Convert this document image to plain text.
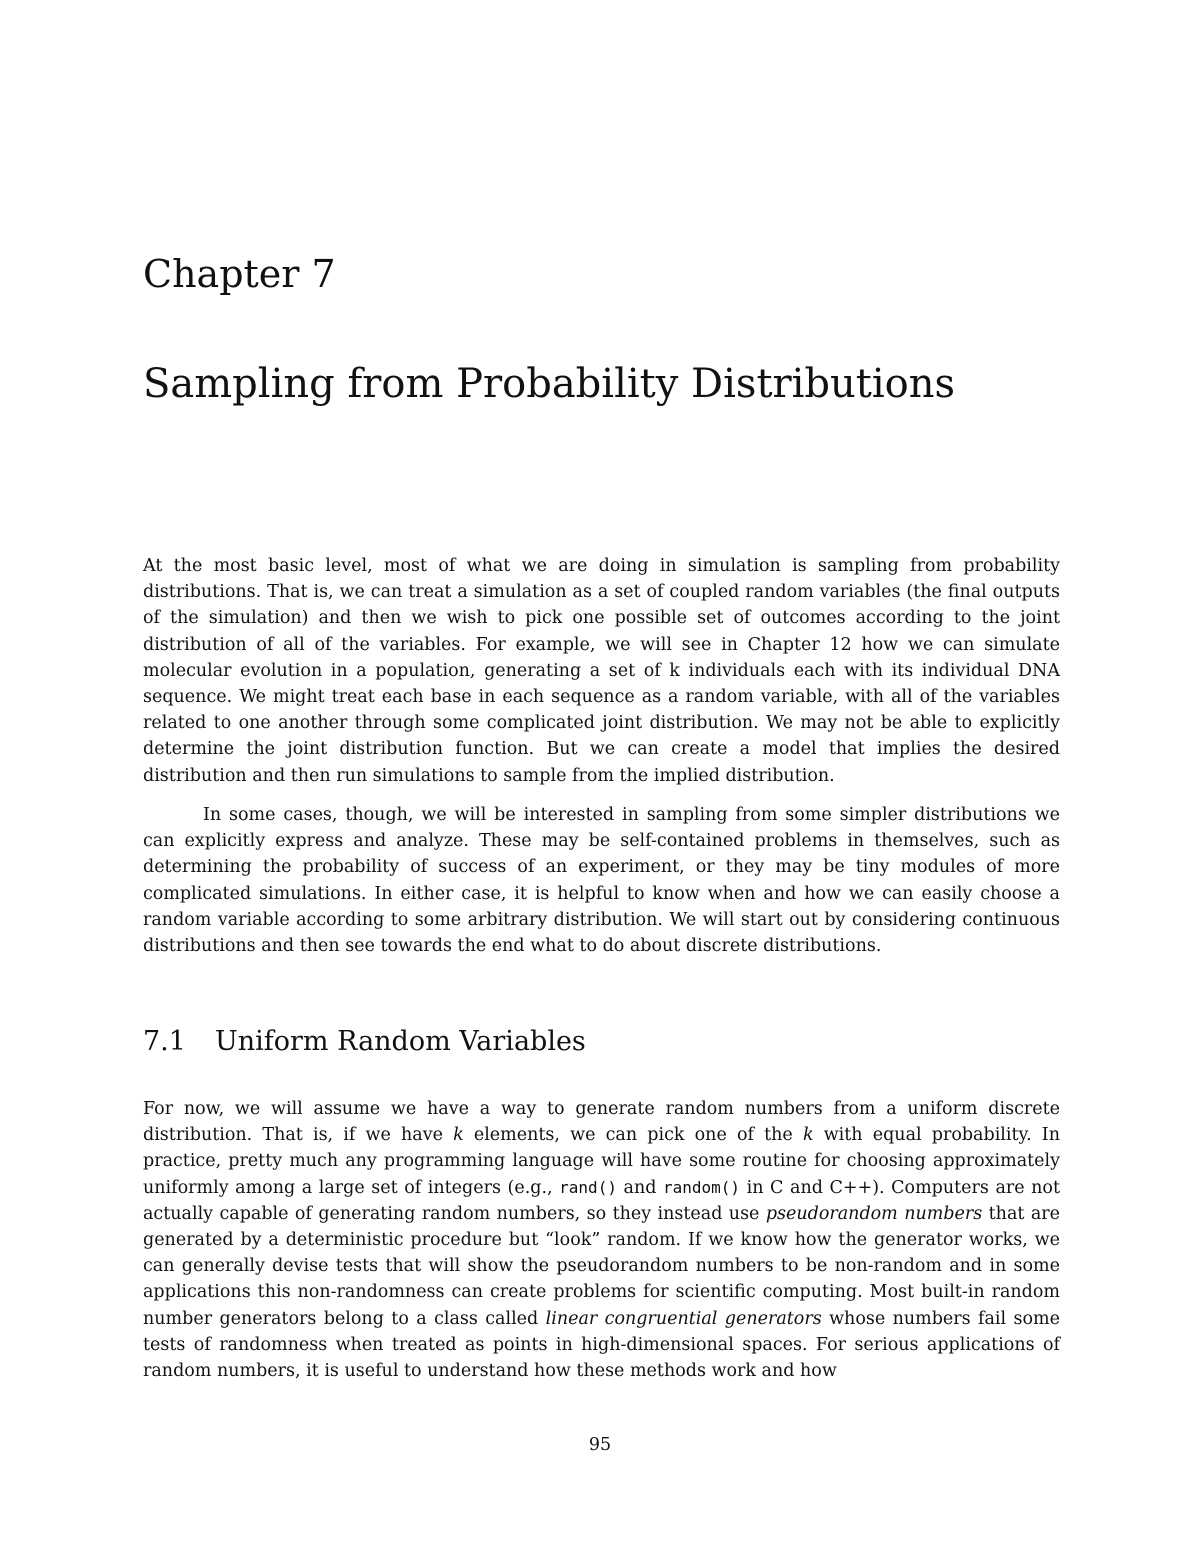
Chapter 7
Sampling from Probability Distributions

At the most basic level, most of what we are doing in simulation is sampling from probability distributions. That is, we can treat a simulation as a set of coupled random variables (the final outputs of the simulation) and then we wish to pick one possible set of outcomes according to the joint distribution of all of the variables. For example, we will see in Chapter 12 how we can simulate molecular evolution in a population, generating a set of k individuals each with its individual DNA sequence. We might treat each base in each sequence as a random variable, with all of the variables related to one another through some complicated joint distribution. We may not be able to explicitly determine the joint distribution function. But we can create a model that implies the desired distribution and then run simulations to sample from the implied distribution.

In some cases, though, we will be interested in sampling from some simpler distributions we can explicitly express and analyze. These may be self-contained problems in themselves, such as determining the probability of success of an experiment, or they may be tiny modules of more complicated simulations. In either case, it is helpful to know when and how we can easily choose a random variable according to some arbitrary distribution. We will start out by considering continuous distributions and then see towards the end what to do about discrete distributions.

7.1 Uniform Random Variables

For now, we will assume we have a way to generate random numbers from a uniform discrete distribution. That is, if we have k elements, we can pick one of the k with equal probability. In practice, pretty much any programming language will have some routine for choosing approximately uniformly among a large set of integers (e.g., rand() and random() in C and C++). Computers are not actually capable of generating random numbers, so they instead use pseudorandom numbers that are generated by a deterministic procedure but “look” random. If we know how the generator works, we can generally devise tests that will show the pseudorandom numbers to be non-random and in some applications this non-randomness can create problems for scientific computing. Most built-in random number generators belong to a class called linear congruential generators whose numbers fail some tests of randomness when treated as points in high-dimensional spaces. For serious applications of random numbers, it is useful to understand how these methods work and how

95
